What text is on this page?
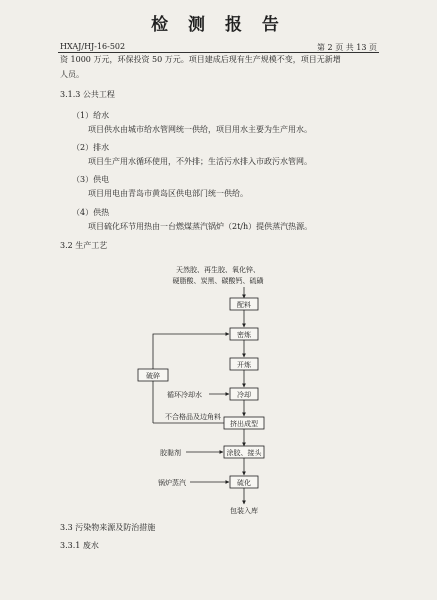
检 测 报 告
HXAJ/HJ-16-502	第 2 页 共 13 页
资 1000 万元，环保投资 50 万元。项目建成后现有生产规模不变，项目无新增
人员。
3.1.3 公共工程
（1）给水
项目供水由城市给水管网统一供给，项目用水主要为生产用水。
（2）排水
项目生产用水循环使用，不外排；生活污水排入市政污水管网。
（3）供电
项目用电由青岛市黄岛区供电部门统一供给。
（4）供热
项目硫化环节用热由一台燃煤蒸汽锅炉（2t/h）提供蒸汽热源。
3.2 生产工艺
天然胶、再生胶、氧化锌、
硬脂酸、炭黑、碳酸钙、硫磺
配料
密炼
开炼
冷却
挤出成型
涂胶、接头
硫化
包装入库
破碎
不合格品及边角料
循环冷却水
胶黏剂
锅炉蒸汽
3.3 污染物来源及防治措施
3.3.1 废水
